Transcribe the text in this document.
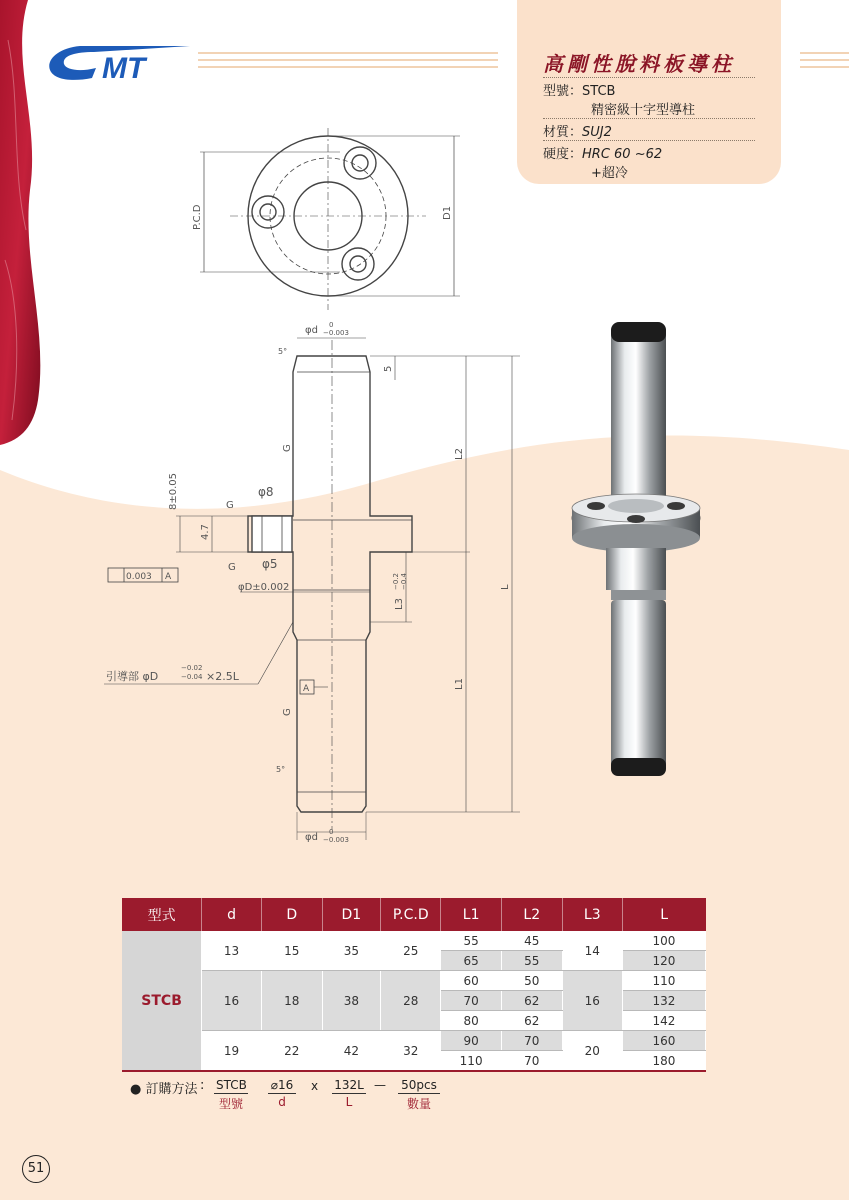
MT	高剛性脫料板導柱
型號：STCB
精密級十字型導柱
材質：SUJ2
硬度：HRC 60 ~62
+超冷
P.C.D	D1
φd 0
−0.003
5°
5
L2
G
φ8
8±0.05
4.7
G
G φ5
0.003 A
φD±0.002
L3
−0.2 −0.4	L
引導部 φD
−0.02
−0.04 ×2.5L
L1
A
G
5°
φd 0
−0.003
型式	d	D	D1	P.C.D	L1	L2	L3	L
STCB	13	15	35	25	55	45	14	100
					65	55		120
	16	18	38	28	60	50	16	110
					70	62		132
					80	62		142
	19	22	42	32	90	70	20	160
					110	70		180
● 訂購方法 : STCB
型號
⌀16
d
x 132L
L
— 50pcs
數量
51
